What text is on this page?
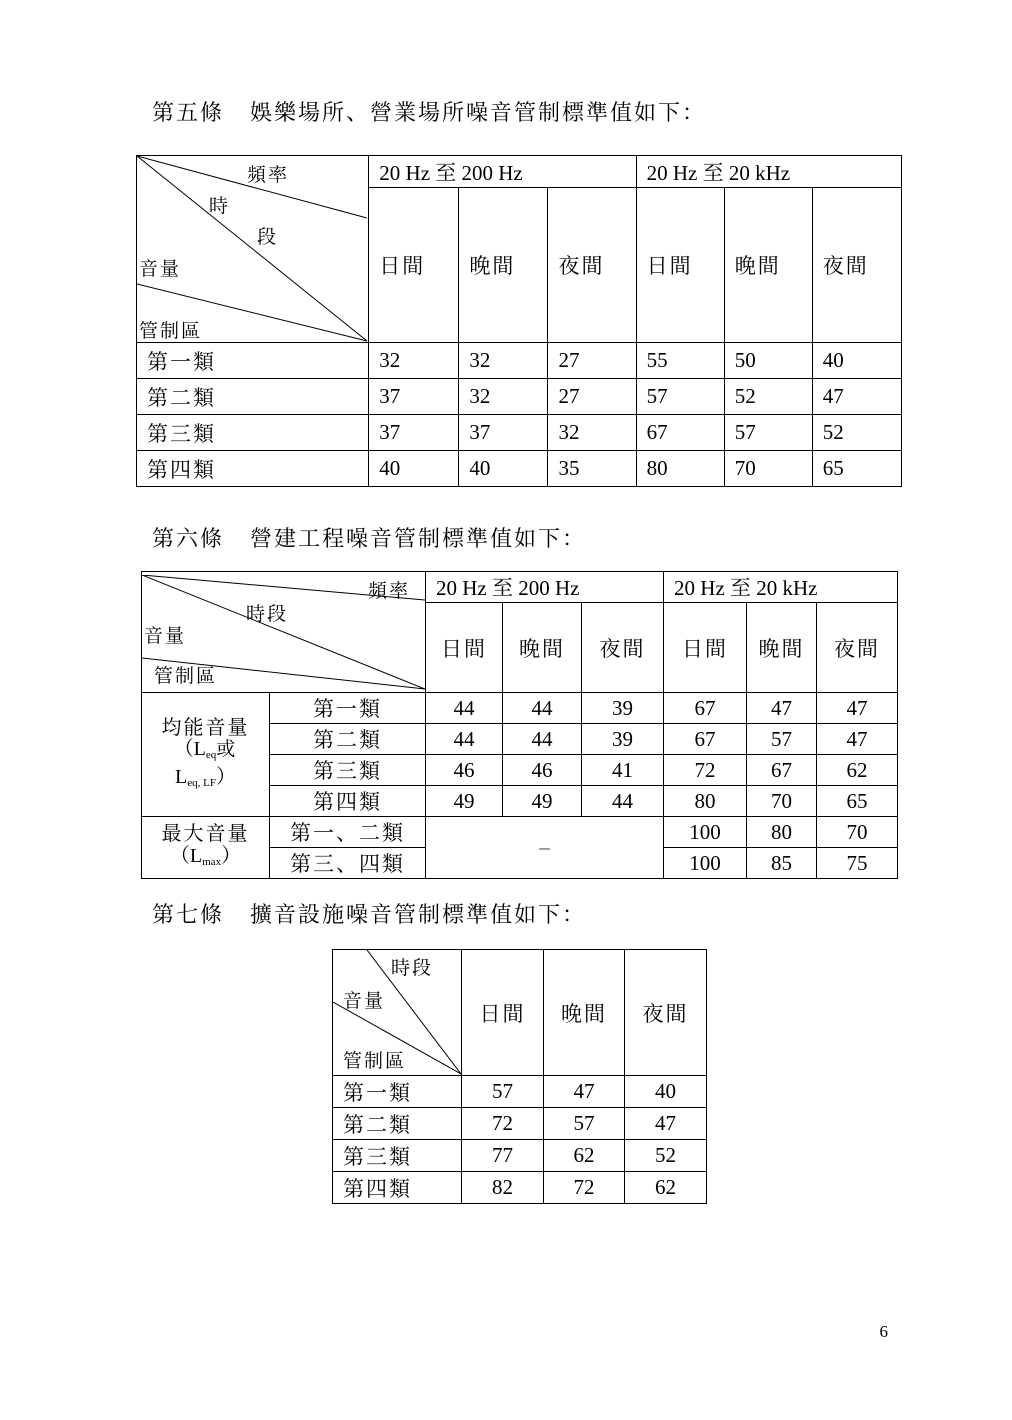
第五條 娛樂場所、營業場所噪音管制標準值如下：
頻率
時
段
音量
管制區	20 Hz 至 200 Hz			20 Hz 至 20 kHz		
	日間	晚間	夜間	日間	晚間	夜間
第一類	32	32	27	55	50	40
第二類	37	32	27	57	52	47
第三類	37	37	32	67	57	52
第四類	40	40	35	80	70	65
第六條 營建工程噪音管制標準值如下：
頻率
時段
音量
管制區		20 Hz 至 200 Hz			20 Hz 至 20 kHz		
		日間	晚間	夜間	日間	晚間	夜間

均能音量
（$L_{eq}$或
$L_{eq, LF}$）	第一類	44	44	39	67	47	47
	第二類	44	44	39	67	57	47
	第三類	46	46	41	72	67	62
	第四類	49	49	44	80	70	65

最大音量
$(L_{max})$	第一、二類	–			100	80	70
	第三、四類				100	85	75
第七條 擴音設施噪音管制標準值如下：
時段
音量
管制區	日間	晚間	夜間
第一類	57	47	40
第二類	72	57	47
第三類	77	62	52
第四類	82	72	62
6
